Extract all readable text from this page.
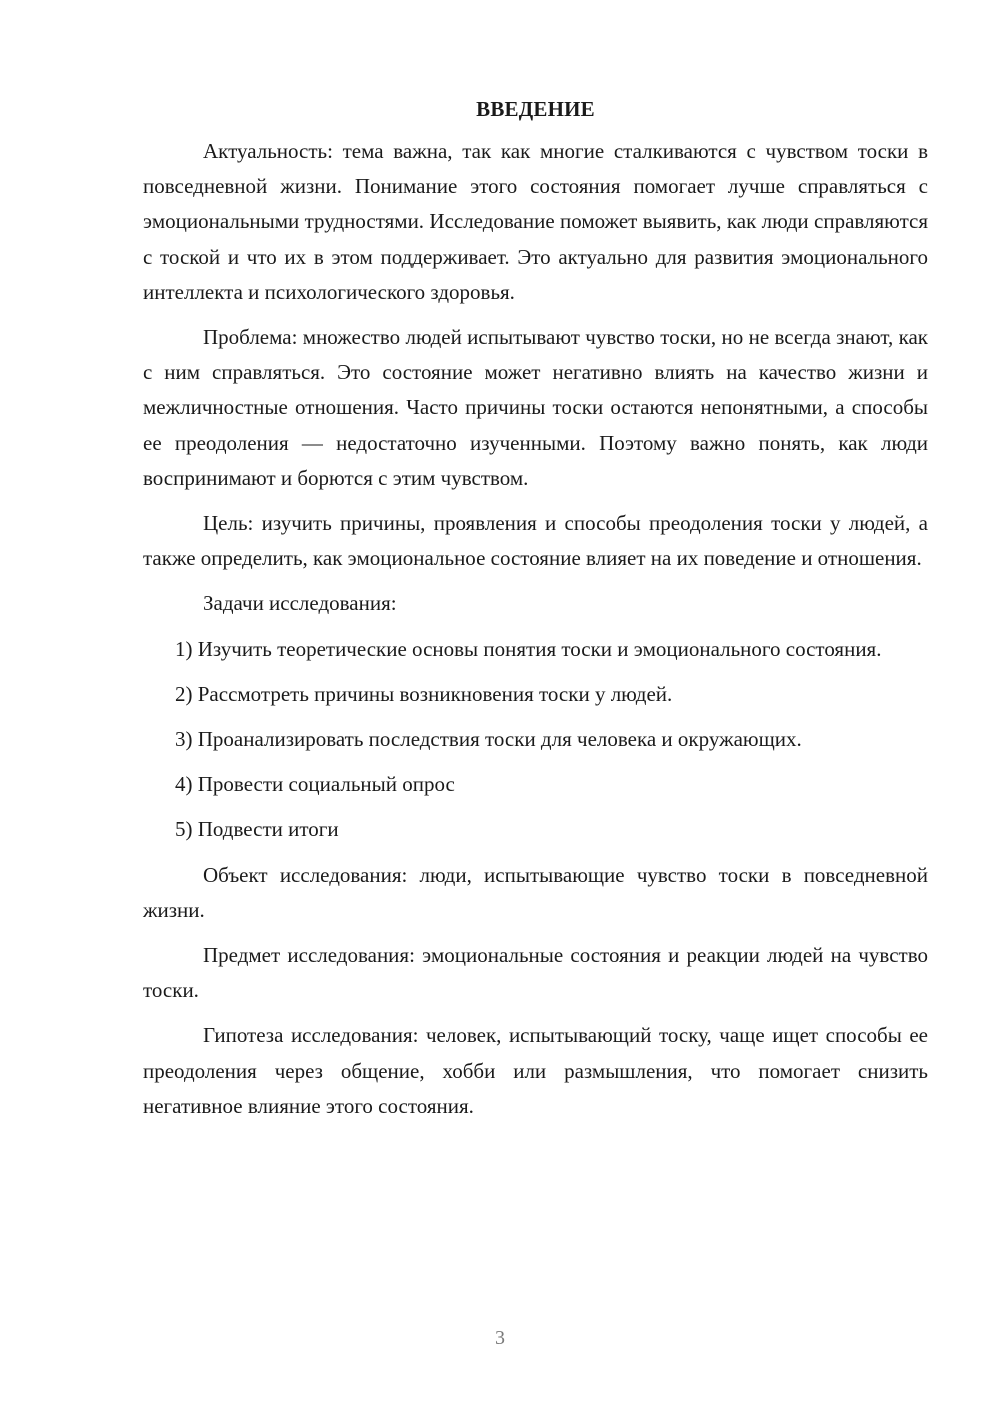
ВВЕДЕНИЕ

Актуальность: тема важна, так как многие сталкиваются с чувством тоски в повседневной жизни. Понимание этого состояния помогает лучше справляться с эмоциональными трудностями. Исследование поможет выявить, как люди справляются с тоской и что их в этом поддерживает. Это актуально для развития эмоционального интеллекта и психологического здоровья.

Проблема: множество людей испытывают чувство тоски, но не всегда знают, как с ним справляться. Это состояние может негативно влиять на качество жизни и межличностные отношения. Часто причины тоски остаются непонятными, а способы ее преодоления — недостаточно изученными. Поэтому важно понять, как люди воспринимают и борются с этим чувством.

Цель: изучить причины, проявления и способы преодоления тоски у людей, а также определить, как эмоциональное состояние влияет на их поведение и отношения.

Задачи исследования:

1) Изучить теоретические основы понятия тоски и эмоционального состояния.

2) Рассмотреть причины возникновения тоски у людей.

3) Проанализировать последствия тоски для человека и окружающих.

4) Провести социальный опрос

5) Подвести итоги

Объект исследования: люди, испытывающие чувство тоски в повседневной жизни.

Предмет исследования: эмоциональные состояния и реакции людей на чувство тоски.

Гипотеза исследования: человек, испытывающий тоску, чаще ищет способы ее преодоления через общение, хобби или размышления, что помогает снизить негативное влияние этого состояния.

3
